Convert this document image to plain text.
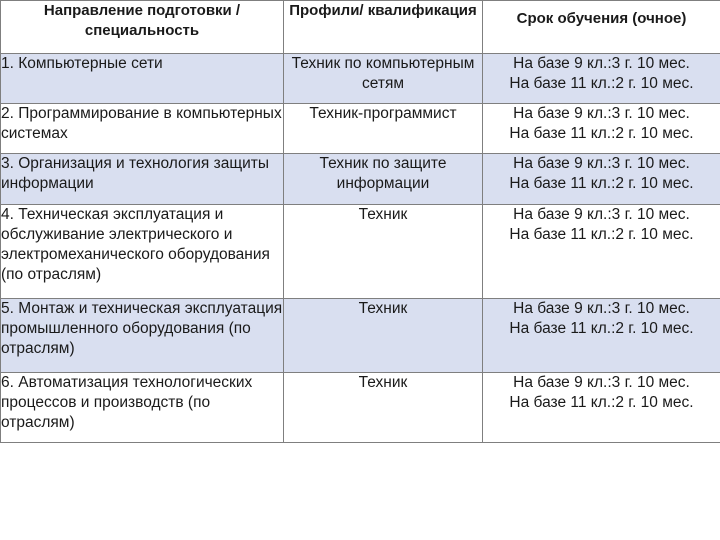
Направление подготовки / специальность	Профили/ квалификация	Срок обучения (очное)
1. Компьютерные сети	Техник по компьютерным сетям	На базе 9 кл.:3 г. 10 мес.
На базе 11 кл.:2 г. 10 мес.

2. Программирование в компьютерных системах	Техник-программист	На базе 9 кл.:3 г. 10 мес.
На базе 11 кл.:2 г. 10 мес.

3. Организация и технология защиты информации	Техник по защите информации	На базе 9 кл.:3 г. 10 мес.
На базе 11 кл.:2 г. 10 мес.

4. Техническая эксплуатация и обслуживание электрического и электромеханического оборудования (по отраслям)	Техник	На базе 9 кл.:3 г. 10 мес.
На базе 11 кл.:2 г. 10 мес.

5. Монтаж и техническая эксплуатация промышленного оборудования (по отраслям)	Техник	На базе 9 кл.:3 г. 10 мес.
На базе 11 кл.:2 г. 10 мес.

6. Автоматизация технологических процессов и производств (по отраслям)	Техник	На базе 9 кл.:3 г. 10 мес.
На базе 11 кл.:2 г. 10 мес.
